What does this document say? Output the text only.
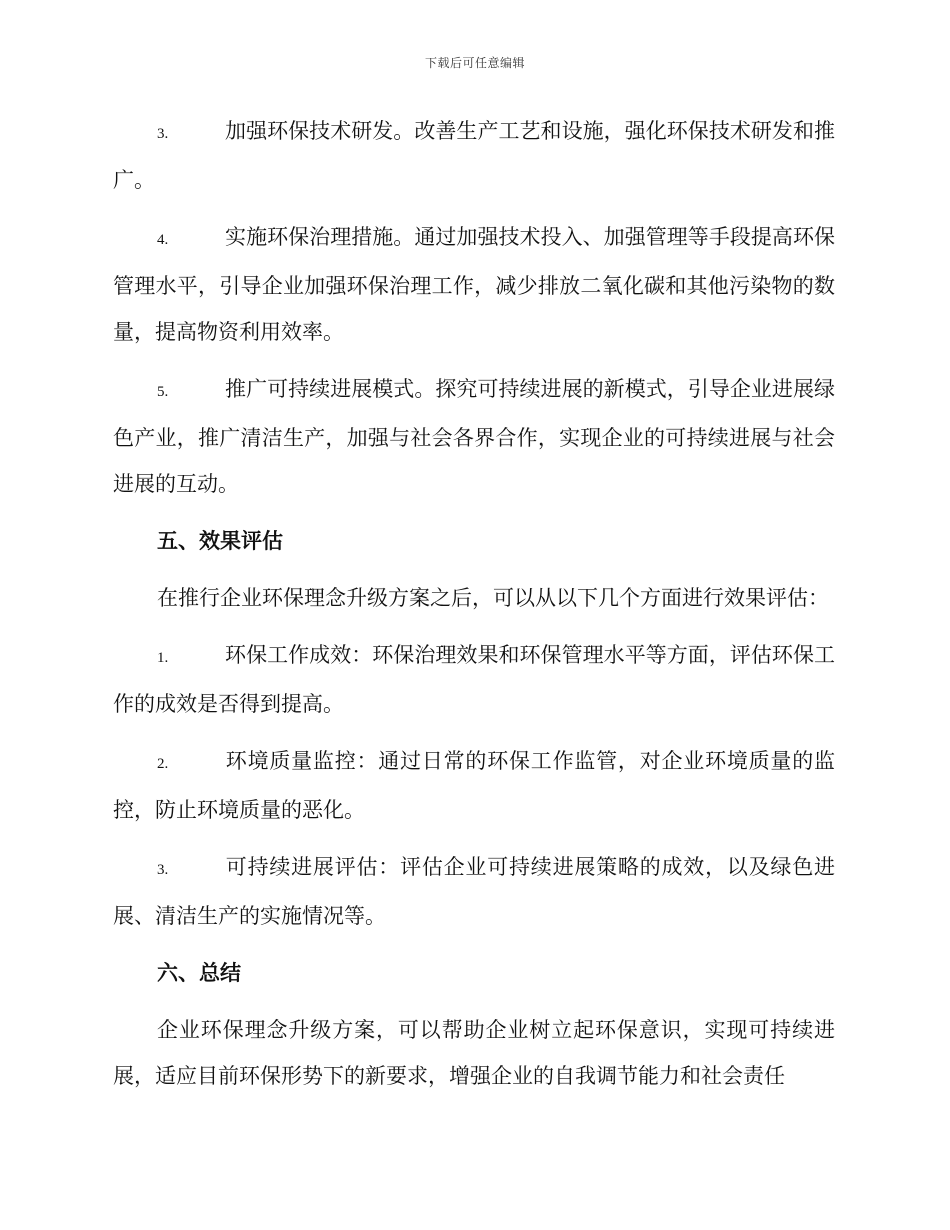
下载后可任意编辑

3.	加强环保技术研发。改善生产工艺和设施，强化环保技术研发和推广。

4.	实施环保治理措施。通过加强技术投入、加强管理等手段提高环保管理水平，引导企业加强环保治理工作，减少排放二氧化碳和其他污染物的数量，提高物资利用效率。

5.	推广可持续进展模式。探究可持续进展的新模式，引导企业进展绿色产业，推广清洁生产，加强与社会各界合作，实现企业的可持续进展与社会进展的互动。

五、效果评估

在推行企业环保理念升级方案之后，可以从以下几个方面进行效果评估：

1.	环保工作成效：环保治理效果和环保管理水平等方面，评估环保工作的成效是否得到提高。

2.	环境质量监控：通过日常的环保工作监管，对企业环境质量的监控，防止环境质量的恶化。

3.	可持续进展评估：评估企业可持续进展策略的成效，以及绿色进展、清洁生产的实施情况等。

六、总结

企业环保理念升级方案，可以帮助企业树立起环保意识，实现可持续进展，适应目前环保形势下的新要求，增强企业的自我调节能力和社会责任
